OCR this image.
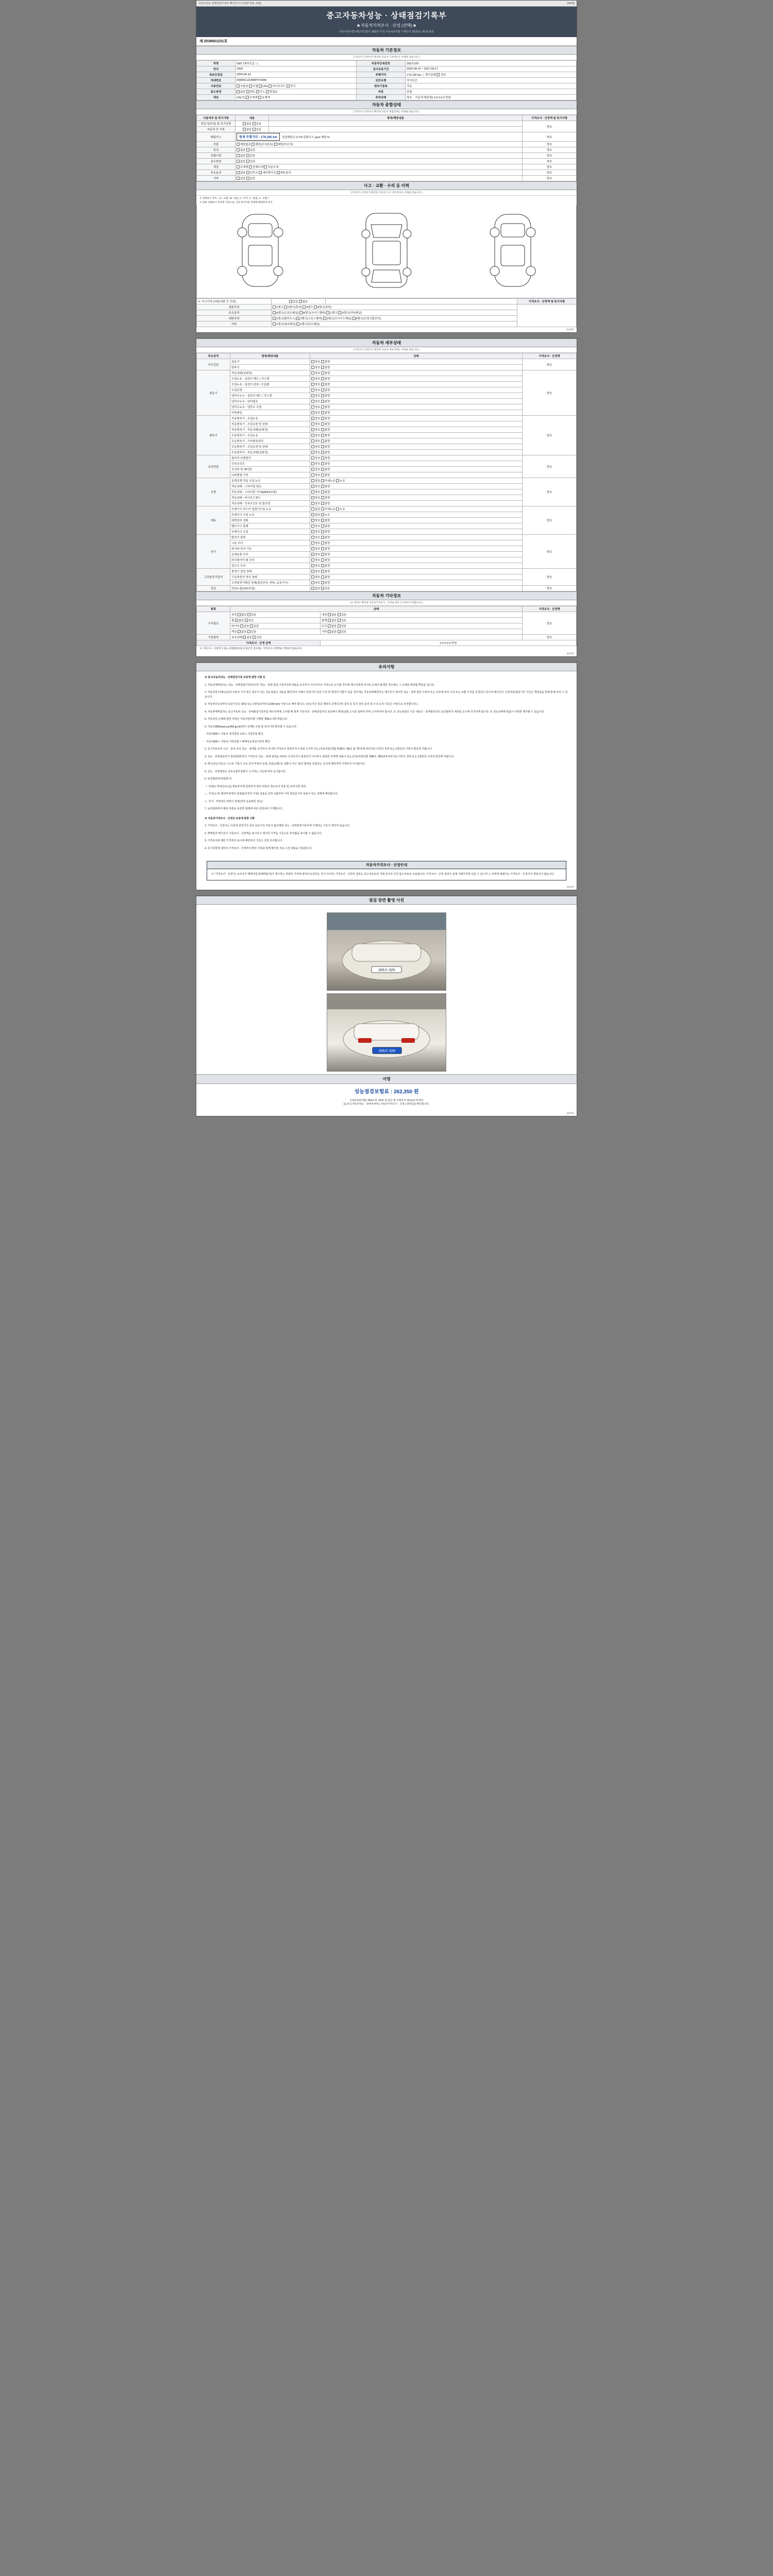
자동차성능·상태점검기록부 확인하시기 (차량 정보 조회)	[1/4쪽]
중고자동차성능 · 상태점검기록부
■ 자동차가격조사 · 산정 (선택) ■
자동차관리법시행규칙 [별지 제82호서식] 자동차관리법 시행규칙 제120조 제1항 관련
제 2536601231호
자동차 기본정보
(가격조사·산정자가 확인한 자동차 기본정보는 아래와 같습니다.)
차명	SM7 (세부등급 : )	자동차등록번호	265모029
연식	2009	검사유효기간	2025-09-10 ~ 2027-09-17
최초등록일	2009-09-19	주행거리	179,195 km  |  계기상태 양호
차대번호	KNM4C12UM3P073048	보증유형	자가보증
사용연료	가솔린 디젤 LPG 하이브리드 전기	변속기종류	자동
용도변경	없음 렌트 리스 영업용	차종	중형
색상	VG(기) 무채색 유채색	주차상태	양호 기준가격(만원) 0 0 0 0 0 만원
자동차 종합상태
(가격조사·산정자가 확인한 자동차 종합상태는 아래와 같습니다.)
사용여부 및 특기사항	내용	항목/해당내용	가격조사 · 산정액 및 특기사항
전동기(모터) 및 특기사항	없음 있음		양호
자동차 등 기록	없음 있음		
배출가스	현재 주행거리 : 179,195 km 일산화탄소 0.7% 탄화수소 ppm 매연 %		양호
리콜	해당없음 해당(조치완료) 해당(미조치)		양호
튜닝	없음 있음		양호
특별이력	없음 있음		양호
용도변경	없음 있음		양호
색상	무채색 전체도색 부분도색		양호
주요옵션	없음 선루프 내비게이션 제동장치		양호
기타	없음 있음		양호
사고 · 교환 · 수리 등 이력
(가격조사·산정자가 확인한 자동차 사고 이력 정보는 아래와 같습니다.)
※ 상태표시 부호 : ( X : 교환, W : 판금, C : 부식, A : 흠집, U : 요철 )
※ 위의 상태표시 부호에 기준으로, 기타 특이사항 상세에 해당하여 표기
※ 사고이력 (외판/내판 등 포함)	있음 없음		가격조사 · 산정액 및 특기사항
외판부위	1랭크 2랭크(후미) 3랭크 4랭크(측면)		
주요골격	A랭크(프론트패널) B랭크(사이드멤버) C랭크 D랭크(리어패널)		
내판부위	1랭크(휠하우스) 2랭크(크로스멤버) 3랭크(인사이드패널) 4랭크(트렁크플로어)		
기타	1랭크(대쉬패널) 2랭크(루프패널)		
[1/4쪽]
자동차 세부상태
(가격조사·산정자가 확인한 자동차 세부상태는 아래와 같습니다.)
주요장치	항목/해당내용	상태	가격조사 · 산정액
자기진단	원동기	양호 불량	양호
	변속기	양호 불량	
원동기	작동상태(공회전)	양호 불량	양호
	오일누유 - 실린더 헤드 / 가스켓	양호 불량	
	오일누유 - 실린더 블록 / 오일팬	양호 불량	
	오일유량	양호 불량	
	냉각수누수 - 실린더 헤드 / 가스켓	양호 불량	
	냉각수누수 - 워터펌프	양호 불량	
	냉각수누수 - 냉각수 수량	양호 불량	
	커먼레일	양호 불량	
변속기	자동변속기 - 오일누유	양호 불량	양호
	자동변속기 - 오일유량 및 상태	양호 불량	
	자동변속기 - 작동상태(공회전)	양호 불량	
	수동변속기 - 오일누유	양호 불량	
	수동변속기 - 기어변속장치	양호 불량	
	수동변속기 - 오일유량 및 상태	양호 불량	
	수동변속기 - 작동상태(공회전)	양호 불량	
동력전달	클러치 어셈블리	양호 불량	양호
	등속조인트	양호 불량	
	추진축 및 베어링	양호 불량	
	디퍼렌셜 기어	양호 불량	
조향	동력조향 작동 오일 누유	없음 미세누유 누유	양호
	작동상태 - 스티어링 펌프	양호 불량	
	작동상태 - 스티어링 기어(MDPS포함)	양호 불량	
	작동상태 - 타이로드엔드	양호 불량	
	작동상태 - 등속조인트 및 풀로링	양호 불량	
제동	브레이크 마스터 실린더오일 누유	없음 미세누유 누유	양호
	브레이크 오일 누유	없음 누유	
	배력장치 상태	양호 불량	
	벨브기구 몸체	양호 불량	
	브레이크 오일	양호 불량	
전기	발전기 출력	양호 불량	양호
	시동 모터	양호 불량	
	와이퍼 모터 기능	양호 불량	
	실내송풍 모터	양호 불량	
	라디에이터 팬 모터	양호 불량	
	윈도우 모터	양호 불량	
고전원전기장치	충전구 절연 상태	양호 불량	양호
	구동축전지 격리 상태	양호 불량	
	고전원전기배선 상태(접속단자, 피복, 보호기구)	양호 불량	
연료	연료누출(LPG포함)	없음 있음	양호
자동차 기타정보
(※ 항목은 확인한 자동차가격조사 · 산정을 받아 표기하여 기재합니다.)
항목	상태		가격조사 · 산정액
수리필요	외장 없음 있음	내장 없음 있음	양호
	휠 없음 있음	광택 없음 있음	
	타이어 없음 있음	유리 없음 있음	
	색상 없음 있음	기타 없음 있음	
기본품목	보유상태 없음 있음		양호
가격조사 · 산정 금액		0 0 0 0 0 만원	
※ 가격조사 · 산정자가 성능·상태점검자와 동일인인 경우에는 가격조사·산정액을 기재하지 않습니다.
[2/4쪽]
유의사항

※ 중고자동차성능 · 상태점검기록 보증에 관한 사항 등

1. 자동차매매업자는 성능 · 상태점검기록부(이하 "성능 · 상태 점검 기록부")에 내용을 교지하기 아니하거나 거짓으로 교지할 경우에 매수인에게 야기된 손해가 발생한 경우에는 그 손해를 배상할 책임을 집니다.

2. 자동차양수(매도)인과 자동차 가치 점수 검토가 있는 성능점검은 내용을 확인하여 이때의 설정기간 동안 수리 및 변경의 사항이 있을 경우에는 자동차매매업자는 매수인이 제시한 성능 · 상태 점검 기록부 또는 보증에 따라 수리 또는 교환 수리를 신청하고 있으며 매수인이 신청내용/점검기간 기간은 책임질을 통해 통해 쓰일 수 있습니다.

3. 자동차인도날부터 보증기간은 30일 또는 2천킬로미터 (2,000 km) 이상으로 해야 합니다. (성능기간 보증 제외의 금액의 2인 분리 등 특기 권리 분리 및 구조 등의 기준은 서면으로 작성합니다.)

4. 자동차매매업자는 중고자동차 성능 · 상태점검기록부를 매수인에게 고지할 때 현재 기록자상 · 상태점검자의 보증에서 제외/교환 고시를 알려야 하며 고지하여야 합니다. 또 성능점검의 기준 내용은 · 상태점검자의 보증범위가 제외된 교시에 의지하게 됩니다. 또 성능상태에 물품이 어떠한 제기할 수 있습니다.

5. 자동차의 손해에 관한 사항은 자동차관리법 시행령 제30조 2항 따릅니다.

6. 자동차365(www.car365.go.kr)에서 상세한 조회 및 검사이력 확인할 수 있습니다.

- 자동차365 > 자동차 검색결과 조회 > 기록부를 확인

- 자동차365 > 자동차 이력조회 > 매매성능점검기록부 확인

2. 중고자동차의 구조 · 장치 등의 성능 · 상태를 교지하지 아니한 가격조사 점검하거나 허위 고지한 자는 [자동차관리법] 제 80조 제6호 및 제7호에 따라 2년 이하의 징역 또는 2천만원 이하의 벌금에 처합니다.

3. 성능 · 상태점검자가 점검한(평가)가 가격조사 성능 · 상태 점검을 허위로 고지하거나 점검하지 아니하고 점검한 자에게 내용이 있는 [자동차관리법 제80조 제8호]에 따라 2년 이하의 징역 또는 2천만원 이하의 벌금에 처합니다.

4. 매수(성능기준은 시고로 기록이 주요 골격 부위의 용접, 판금(교환 및 결함이 아닌 것)의 범위를 포함하는 조치에 해당하며 기재하지 아니합니다.

5. 성능 · 상태점검은 국토교통부장관이 고시하는 기준에 따라 실시합니다.

6. 보증범위에서(밀봉시)

ㄱ. 파워(노후/파손/소음) 제동장치에 설정되거나(비 외장의 정도로서 비용 및 교체 인한 현상

ㄴ. 각조(노후) 해당부위에서 설정값(주장의 부분) 내용을 설정 산출하여 기타 현상문서의 복용이 있는 상태에 해당합니다.

ㄷ. 부식 : 자연적인 퇴장이 결정(견적 유용해진 정도)

7. 보증범위에서 해당 부분을 동일한 형태에 따라 설정되어 기재합니다.

※ 자동차가격조사 · 산정의 보증에 관한 사항

1. 가격조사 · 산정자는 사용에 설정기간 동안 보증기의 자료가 불규제한 성능 · 상태점검기록부에 기재되는 기준이 정하여 있습니다.

2. 매매업자 매수인이 기록조사 · 산정액을 표시하고 제시한 가격을 기준으로 부여됨을 표기할 수 없습니다.

3. 가격조사와 해당 가격과의 표시에 해당하여 기준은 설정 조사합니다.

4. 특기사항에 대하여 가격조사 · 산정하여 확인 기록과 함께 확인된 자료 수정 내용을 적용합니다.

자동차가격조사 · 산정안내
※ "가격조사 · 산정"은 소비자가 매매사업자(매매업자)가 제시하는 차량의 가격에 대하여 보증하는 것이 아니며, 가격조사 · 산정의 결과는 중고자동차의 거래 당사자 간의 참고자료로 사용됩니다. 가격조사 · 산정 결과가 실제 거래가격과 다를 수 있으며 그 차액에 대해서는 가격조사 · 산정자가 책임지지 않습니다.
[3/4쪽]
점검 장면 촬영 사진
265모 029
265모 029
서명
성능점검보험료 : 262,350 원
"(자동차관리법) 제58조의 제4항 및 같은 법 시행규칙 제120조에 따라
[1] 중고자동차성능 · 상태에 관한 [ 자동차가격조사 · 산정 ] 내역임을 확인합니다.
[4/4쪽]
